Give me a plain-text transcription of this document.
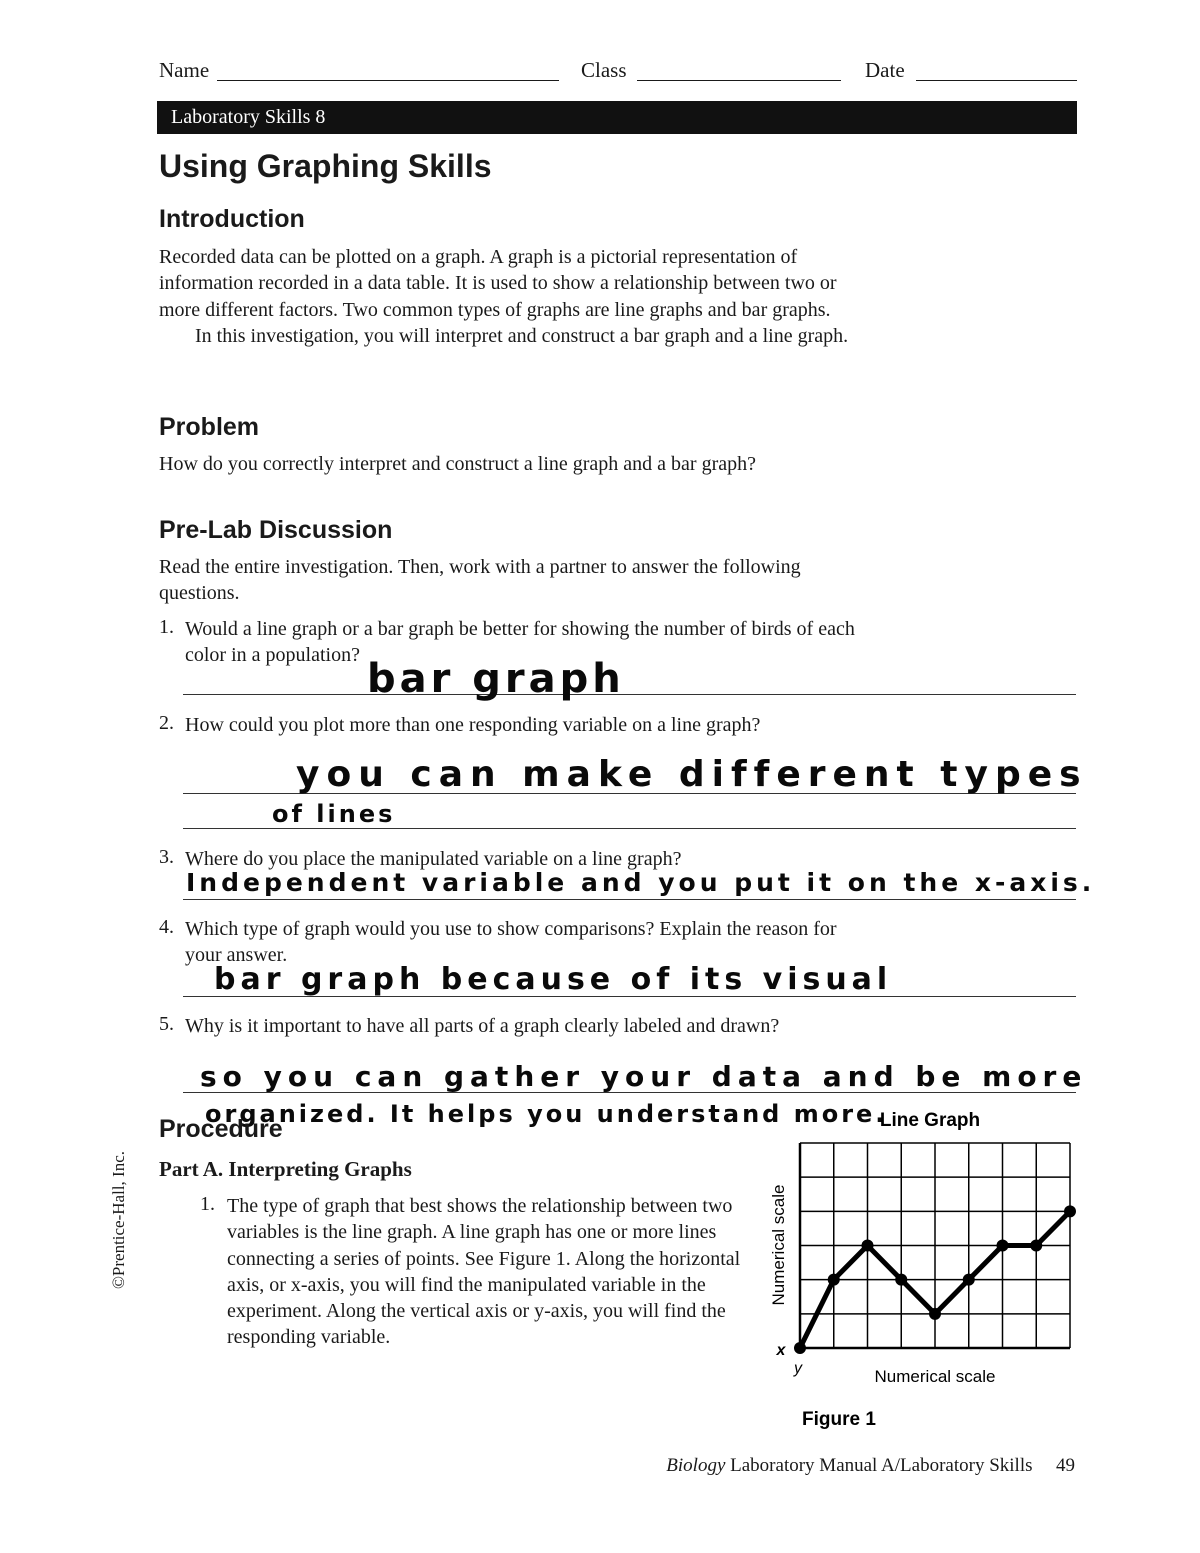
Name	Class	Date
Laboratory Skills 8
Using Graphing Skills
Introduction

Recorded data can be plotted on a graph. A graph is a pictorial representation of information recorded in a data table. It is used to show a relationship between two or more different factors. Two common types of graphs are line graphs and bar graphs.
In this investigation, you will interpret and construct a bar graph and a line graph.

Problem

How do you correctly interpret and construct a line graph and a bar graph?

Pre-Lab Discussion

Read the entire investigation. Then, work with a partner to answer the following questions.

1. Would a line graph or a bar graph be better for showing the number of birds of each color in a population?

bar graph
2. How could you plot more than one responding variable on a line graph?

you can make different types
of lines
3. Where do you place the manipulated variable on a line graph?

Independent variable and you put it on the x-axis.
4. Which type of graph would you use to show comparisons? Explain the reason for your answer.

bar graph because of its visual
5. Why is it important to have all parts of a graph clearly labeled and drawn?

so you can gather your data and be more
organized. It helps you understand more.
Procedure
Part A. Interpreting Graphs
1. The type of graph that best shows the relationship between two variables is the line graph. A line graph has one or more lines connecting a series of points. See Figure 1. Along the horizontal axis, or x-axis, you will find the manipulated variable in the experiment. Along the vertical axis or y-axis, you will find the responding variable.

Line Graph
Numerical scale
Numerical scale
x
y
Figure 1
©Prentice-Hall, Inc.
Biology Laboratory Manual A/Laboratory Skills 49
